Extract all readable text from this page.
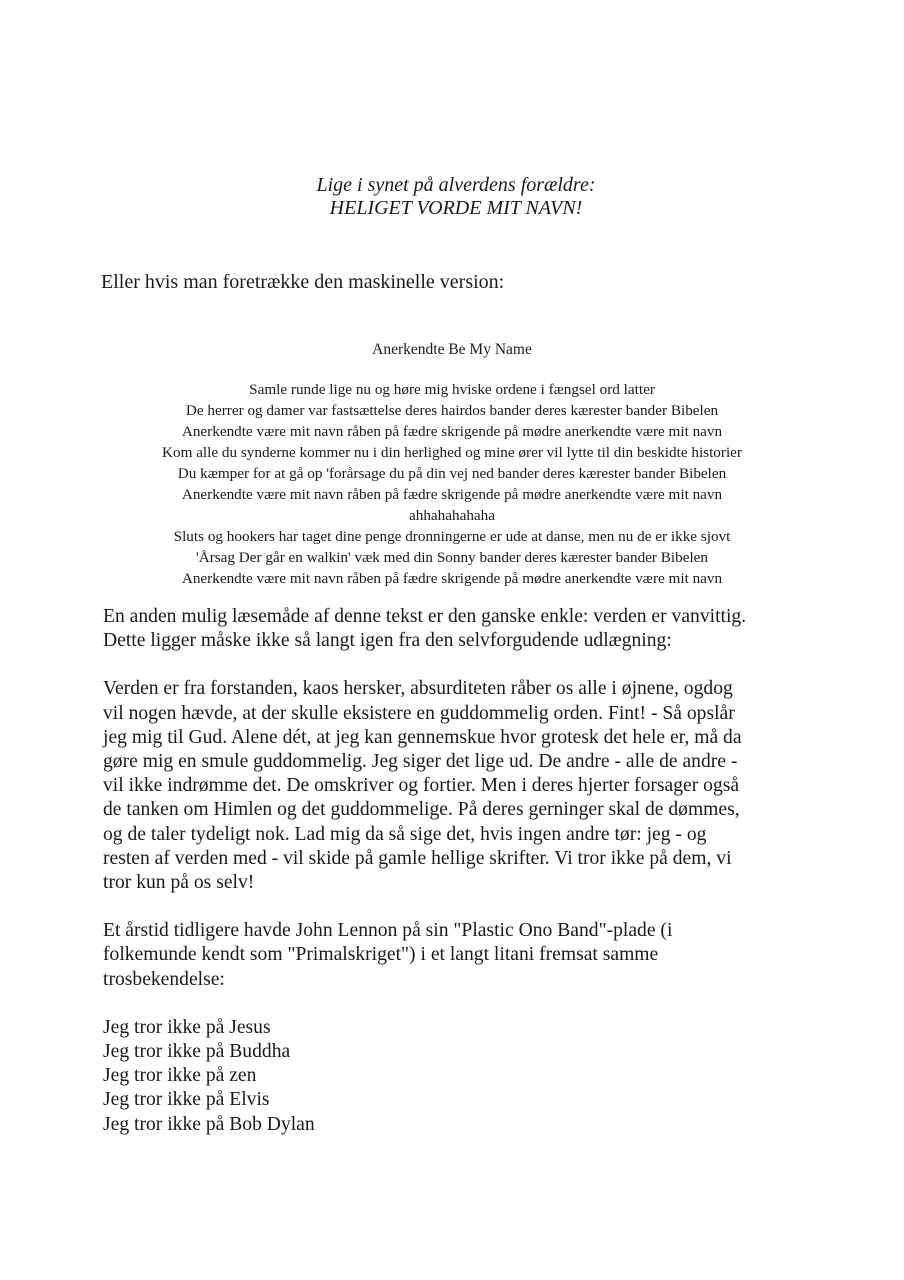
Lige i synet på alverdens forældre:
HELIGET VORDE MIT NAVN!
Eller hvis man foretrække den maskinelle version:
Anerkendte Be My Name
Samle runde lige nu og høre mig hviske ordene i fængsel ord latter
De herrer og damer var fastsættelse deres hairdos bander deres kærester bander Bibelen
Anerkendte være mit navn råben på fædre skrigende på mødre anerkendte være mit navn
Kom alle du synderne kommer nu i din herlighed og mine ører vil lytte til din beskidte historier
Du kæmper for at gå op 'forårsage du på din vej ned bander deres kærester bander Bibelen
Anerkendte være mit navn råben på fædre skrigende på mødre anerkendte være mit navn
ahhahahahaha
Sluts og hookers har taget dine penge dronningerne er ude at danse, men nu de er ikke sjovt
'Årsag Der går en walkin' væk med din Sonny bander deres kærester bander Bibelen
Anerkendte være mit navn råben på fædre skrigende på mødre anerkendte være mit navn
En anden mulig læsemåde af denne tekst er den ganske enkle: verden er vanvittig.
Dette ligger måske ikke så langt igen fra den selvforgudende udlægning:
Verden er fra forstanden, kaos hersker, absurditeten råber os alle i øjnene, ogdog
vil nogen hævde, at der skulle eksistere en guddommelig orden. Fint! - Så opslår
jeg mig til Gud. Alene dét, at jeg kan gennemskue hvor grotesk det hele er, må da
gøre mig en smule guddommelig. Jeg siger det lige ud. De andre - alle de andre -
vil ikke indrømme det. De omskriver og fortier. Men i deres hjerter forsager også
de tanken om Himlen og det guddommelige. På deres gerninger skal de dømmes,
og de taler tydeligt nok. Lad mig da så sige det, hvis ingen andre tør: jeg - og
resten af verden med - vil skide på gamle hellige skrifter. Vi tror ikke på dem, vi
tror kun på os selv!
Et årstid tidligere havde John Lennon på sin "Plastic Ono Band"-plade (i
folkemunde kendt som "Primalskriget") i et langt litani fremsat samme
trosbekendelse:
Jeg tror ikke på Jesus
Jeg tror ikke på Buddha
Jeg tror ikke på zen
Jeg tror ikke på Elvis
Jeg tror ikke på Bob Dylan
